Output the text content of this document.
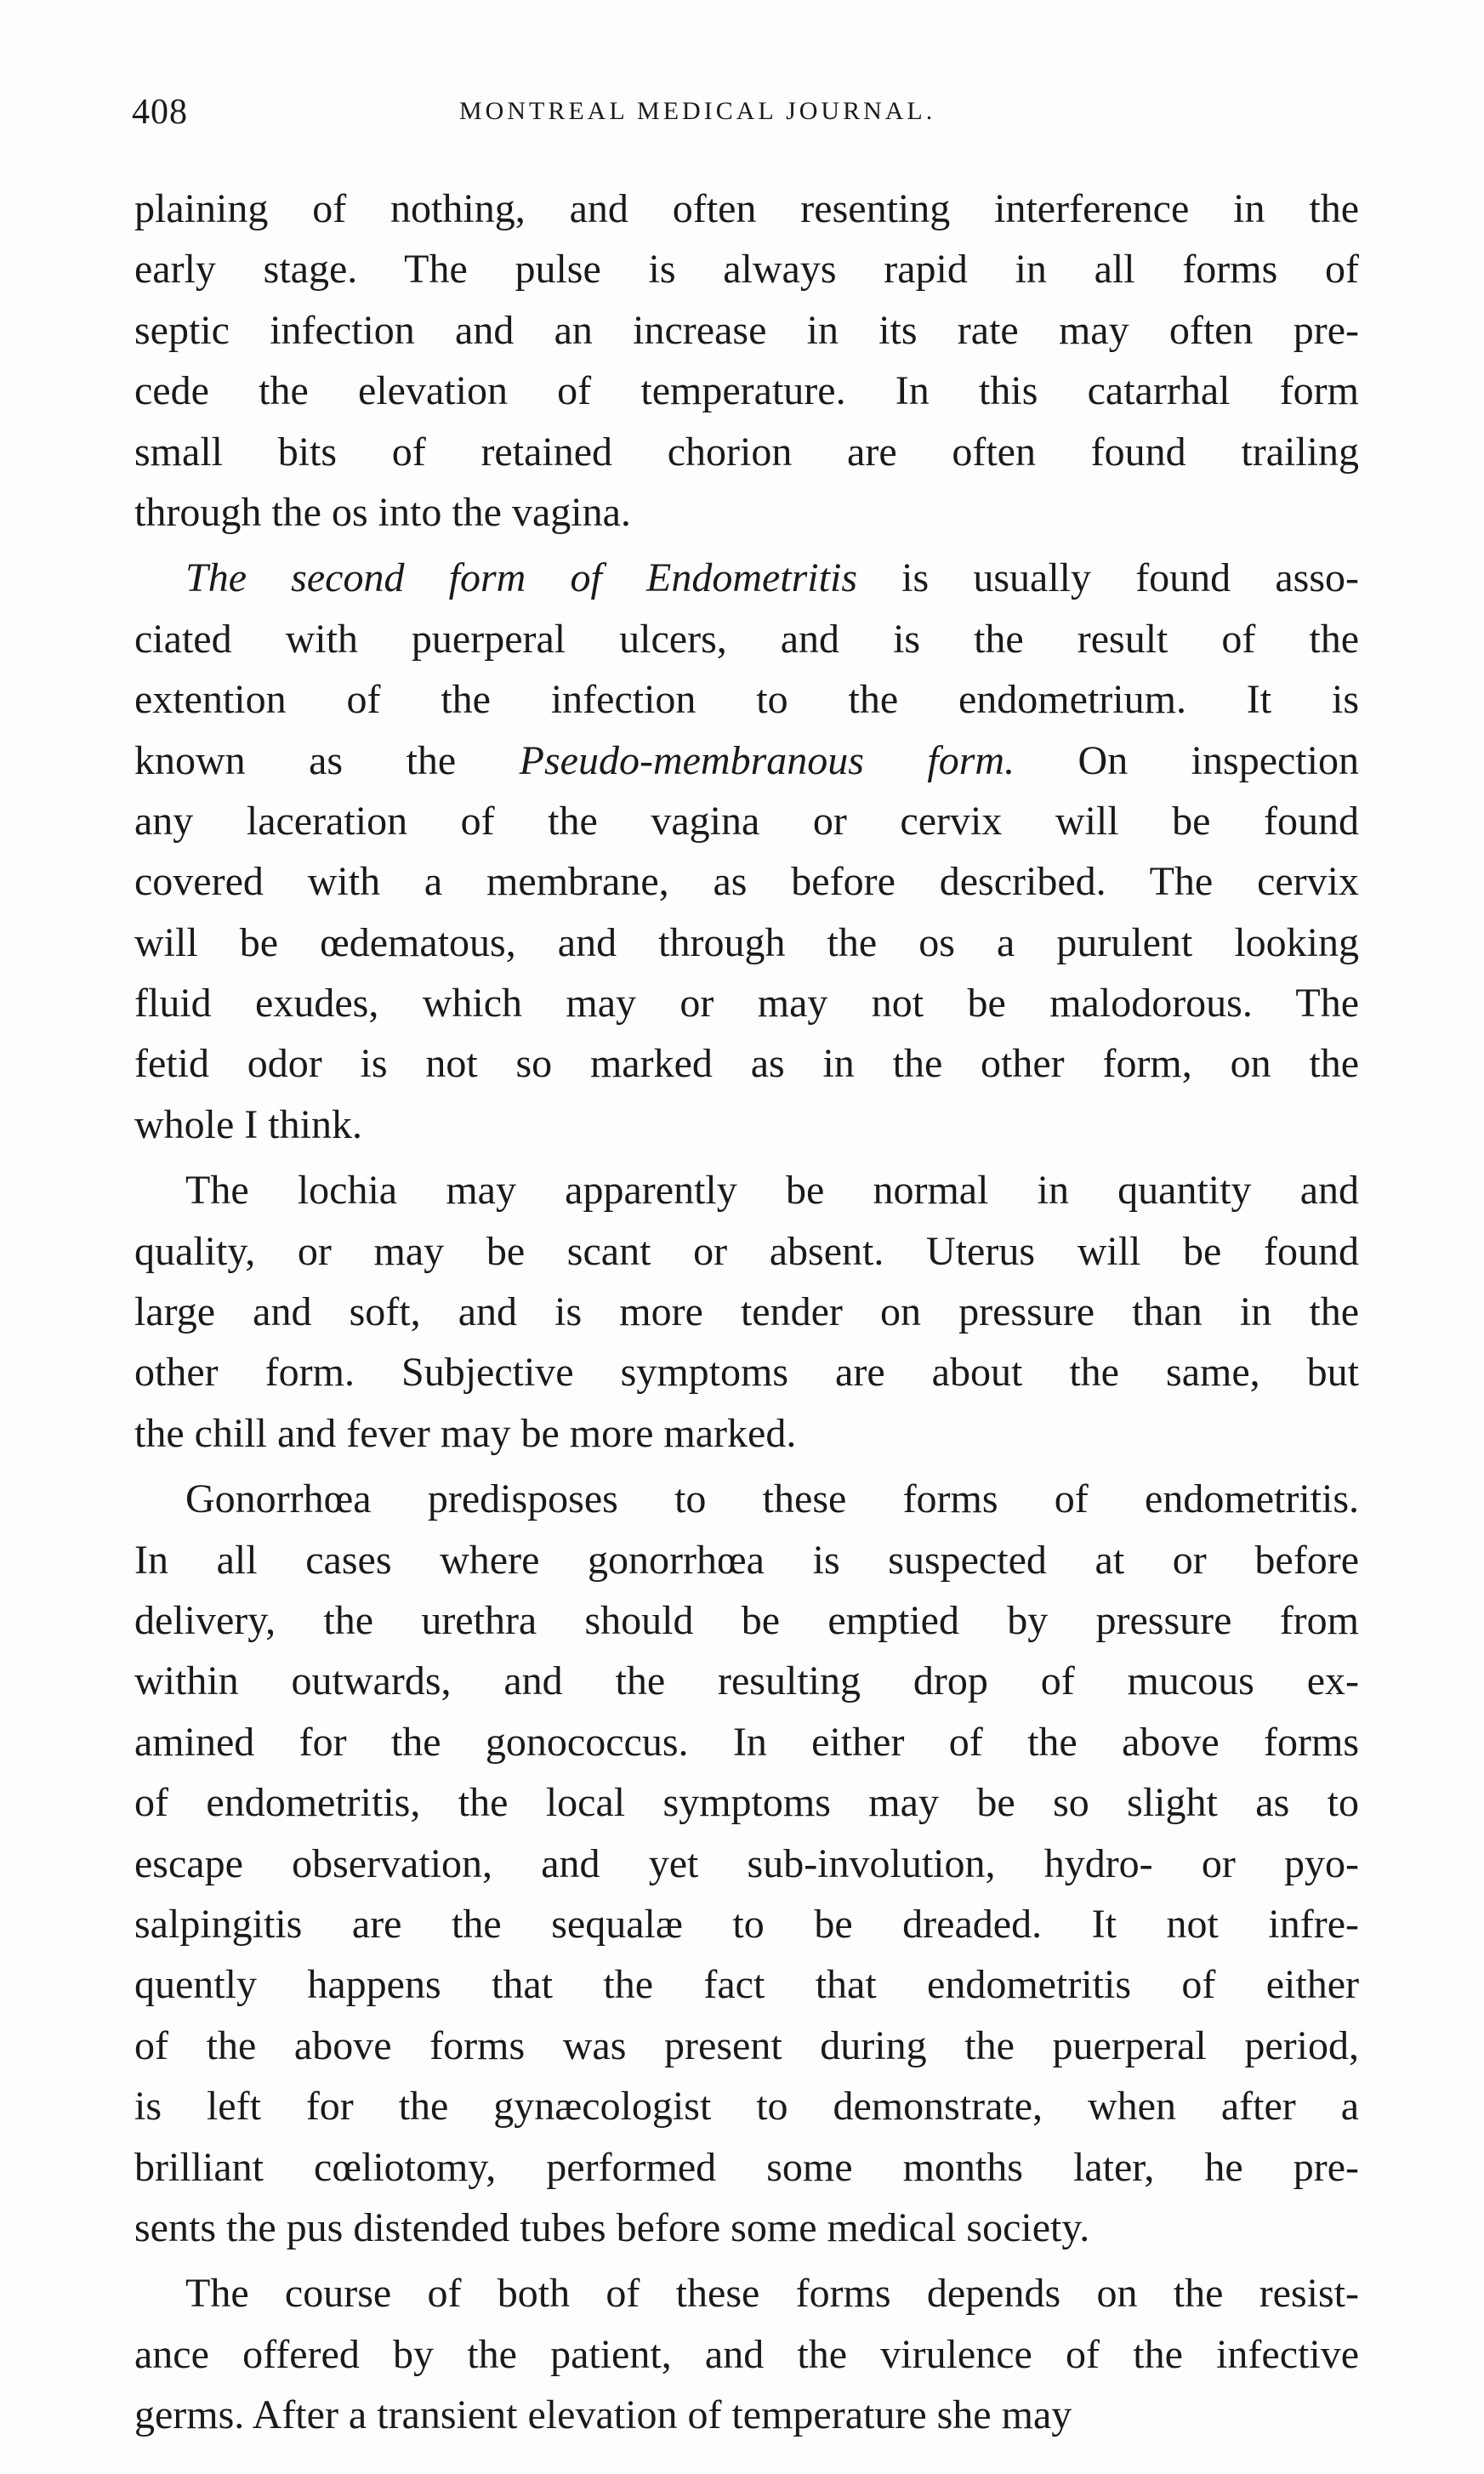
408	MONTREAL MEDICAL JOURNAL.
plaining of nothing, and often resenting interference in the
early stage. The pulse is always rapid in all forms of
septic infection and an increase in its rate may often pre-
cede the elevation of temperature. In this catarrhal form
small bits of retained chorion are often found trailing
through the os into the vagina.
The second form of Endometritis is usually found asso-
ciated with puerperal ulcers, and is the result of the
extention of the infection to the endometrium. It is
known as the Pseudo-membranous form. On inspection
any laceration of the vagina or cervix will be found
covered with a membrane, as before described. The cervix
will be œdematous, and through the os a purulent looking
fluid exudes, which may or may not be malodorous. The
fetid odor is not so marked as in the other form, on the
whole I think.
The lochia may apparently be normal in quantity and
quality, or may be scant or absent. Uterus will be found
large and soft, and is more tender on pressure than in the
other form. Subjective symptoms are about the same, but
the chill and fever may be more marked.
Gonorrhœa predisposes to these forms of endometritis.
In all cases where gonorrhœa is suspected at or before
delivery, the urethra should be emptied by pressure from
within outwards, and the resulting drop of mucous ex-
amined for the gonococcus. In either of the above forms
of endometritis, the local symptoms may be so slight as to
escape observation, and yet sub-involution, hydro- or pyo-
salpingitis are the sequalæ to be dreaded. It not infre-
quently happens that the fact that endometritis of either
of the above forms was present during the puerperal period,
is left for the gynæcologist to demonstrate, when after a
brilliant cœliotomy, performed some months later, he pre-
sents the pus distended tubes before some medical society.
The course of both of these forms depends on the resist-
ance offered by the patient, and the virulence of the infective
germs. After a transient elevation of temperature she may
